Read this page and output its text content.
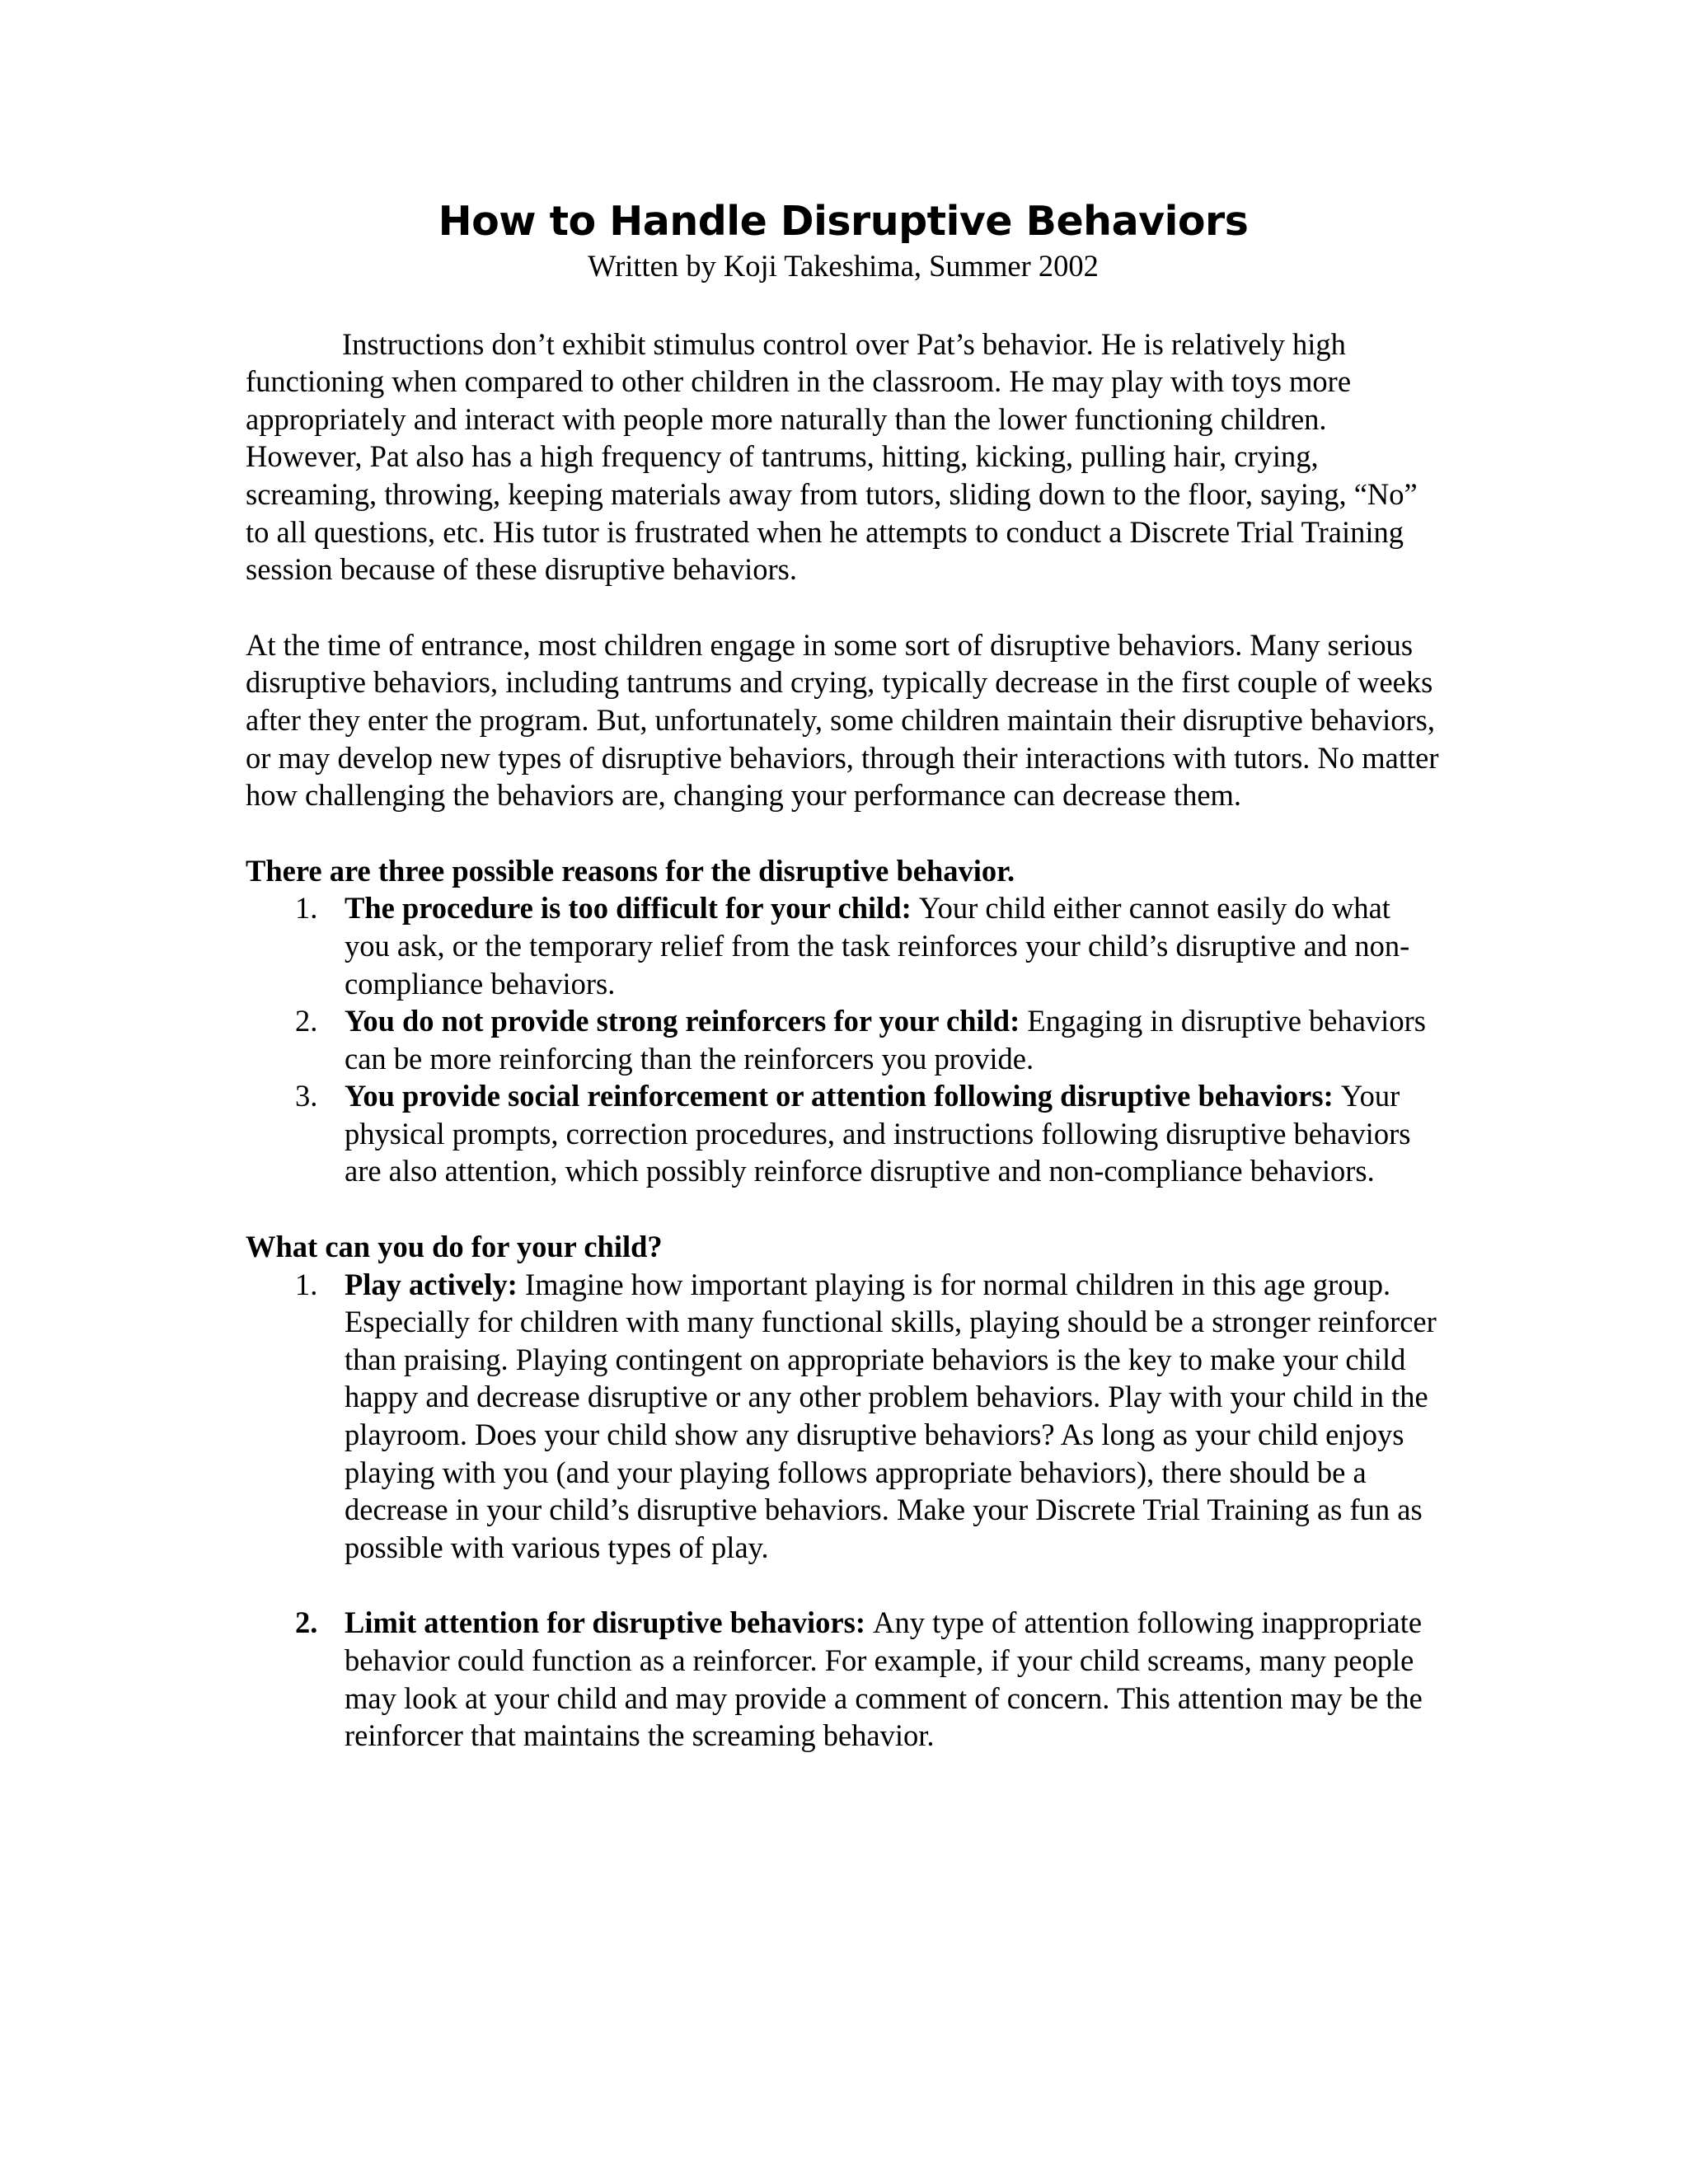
How to Handle Disruptive Behaviors

Written by Koji Takeshima, Summer 2002

Instructions don’t exhibit stimulus control over Pat’s behavior. He is relatively high functioning when compared to other children in the classroom. He may play with toys more appropriately and interact with people more naturally than the lower functioning children. However, Pat also has a high frequency of tantrums, hitting, kicking, pulling hair, crying, screaming, throwing, keeping materials away from tutors, sliding down to the floor, saying, “No” to all questions, etc. His tutor is frustrated when he attempts to conduct a Discrete Trial Training session because of these disruptive behaviors.

At the time of entrance, most children engage in some sort of disruptive behaviors. Many serious disruptive behaviors, including tantrums and crying, typically decrease in the first couple of weeks after they enter the program. But, unfortunately, some children maintain their disruptive behaviors, or may develop new types of disruptive behaviors, through their interactions with tutors. No matter how challenging the behaviors are, changing your performance can decrease them.

There are three possible reasons for the disruptive behavior.

1. The procedure is too difficult for your child: Your child either cannot easily do what you ask, or the temporary relief from the task reinforces your child’s disruptive and non-compliance behaviors.
2. You do not provide strong reinforcers for your child: Engaging in disruptive behaviors can be more reinforcing than the reinforcers you provide.
3. You provide social reinforcement or attention following disruptive behaviors: Your physical prompts, correction procedures, and instructions following disruptive behaviors are also attention, which possibly reinforce disruptive and non-compliance behaviors.

What can you do for your child?

1. Play actively: Imagine how important playing is for normal children in this age group. Especially for children with many functional skills, playing should be a stronger reinforcer than praising. Playing contingent on appropriate behaviors is the key to make your child happy and decrease disruptive or any other problem behaviors. Play with your child in the playroom. Does your child show any disruptive behaviors? As long as your child enjoys playing with you (and your playing follows appropriate behaviors), there should be a decrease in your child’s disruptive behaviors. Make your Discrete Trial Training as fun as possible with various types of play.
2. Limit attention for disruptive behaviors: Any type of attention following inappropriate behavior could function as a reinforcer. For example, if your child screams, many people may look at your child and may provide a comment of concern. This attention may be the reinforcer that maintains the screaming behavior.
